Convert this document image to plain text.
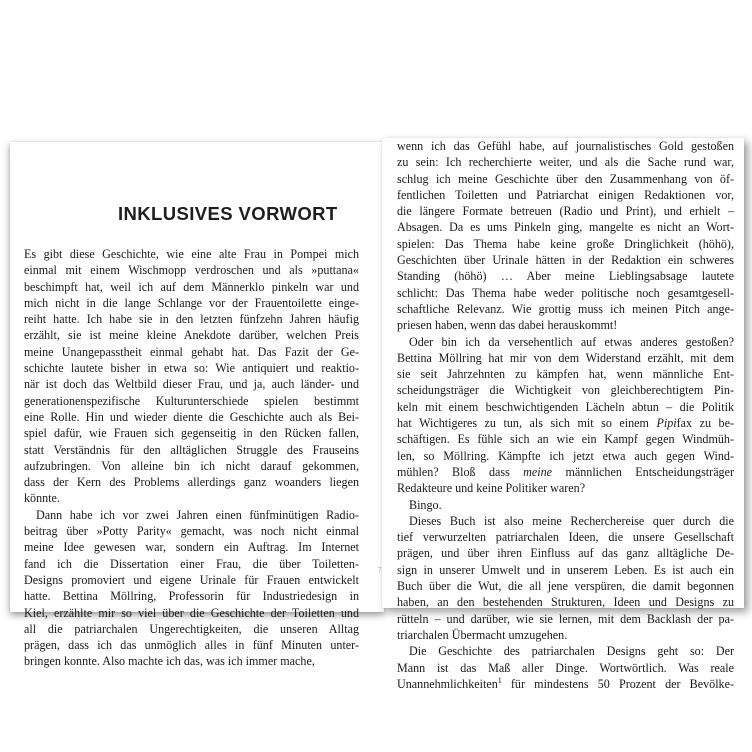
INKLUSIVES VORWORT
Es gibt diese Geschichte, wie eine alte Frau in Pompei mich
einmal mit einem Wischmopp verdroschen und als »puttana«
beschimpft hat, weil ich auf dem Männerklo pinkeln war und
mich nicht in die lange Schlange vor der Frauentoilette einge-
reiht hatte. Ich habe sie in den letzten fünfzehn Jahren häufig
erzählt, sie ist meine kleine Anekdote darüber, welchen Preis
meine Unangepasstheit einmal gehabt hat. Das Fazit der Ge-
schichte lautete bisher in etwa so: Wie antiquiert und reaktio-
när ist doch das Weltbild dieser Frau, und ja, auch länder- und
generationenspezifische Kulturunterschiede spielen bestimmt
eine Rolle. Hin und wieder diente die Geschichte auch als Bei-
spiel dafür, wie Frauen sich gegenseitig in den Rücken fallen,
statt Verständnis für den alltäglichen Struggle des Frauseins
aufzubringen. Von alleine bin ich nicht darauf gekommen,
dass der Kern des Problems allerdings ganz woanders liegen
könnte.
Dann habe ich vor zwei Jahren einen fünfminütigen Radio-
beitrag über »Potty Parity« gemacht, was noch nicht einmal
meine Idee gewesen war, sondern ein Auftrag. Im Internet
fand ich die Dissertation einer Frau, die über Toiletten-
Designs promoviert und eigene Urinale für Frauen entwickelt
hatte. Bettina Möllring, Professorin für Industriedesign in
Kiel, erzählte mir so viel über die Geschichte der Toiletten und
all die patriarchalen Ungerechtigkeiten, die unseren Alltag
prägen, dass ich das unmöglich alles in fünf Minuten unter-
bringen konnte. Also machte ich das, was ich immer mache,
wenn ich das Gefühl habe, auf journalistisches Gold gestoßen
zu sein: Ich recherchierte weiter, und als die Sache rund war,
schlug ich meine Geschichte über den Zusammenhang von öf-
fentlichen Toiletten und Patriarchat einigen Redaktionen vor,
die längere Formate betreuen (Radio und Print), und erhielt –
Absagen. Da es ums Pinkeln ging, mangelte es nicht an Wort-
spielen: Das Thema habe keine große Dringlichkeit (höhö),
Geschichten über Urinale hätten in der Redaktion ein schweres
Standing (höhö) … Aber meine Lieblingsabsage lautete
schlicht: Das Thema habe weder politische noch gesamtgesell-
schaftliche Relevanz. Wie grottig muss ich meinen Pitch ange-
priesen haben, wenn das dabei herauskommt!
Oder bin ich da versehentlich auf etwas anderes gestoßen?
Bettina Möllring hat mir von dem Widerstand erzählt, mit dem
sie seit Jahrzehnten zu kämpfen hat, wenn männliche Ent-
scheidungsträger die Wichtigkeit von gleichberechtigtem Pin-
keln mit einem beschwichtigenden Lächeln abtun – die Politik
hat Wichtigeres zu tun, als sich mit so einem Pipifax zu be-
schäftigen. Es fühle sich an wie ein Kampf gegen Windmüh-
len, so Möllring. Kämpfte ich jetzt etwa auch gegen Wind-
mühlen? Bloß dass meine männlichen Entscheidungsträger
Redakteure und keine Politiker waren?
Bingo.
Dieses Buch ist also meine Recherchereise quer durch die
tief verwurzelten patriarchalen Ideen, die unsere Gesellschaft
prägen, und über ihren Einfluss auf das ganz alltägliche De-
sign in unserer Umwelt und in unserem Leben. Es ist auch ein
Buch über die Wut, die all jene verspüren, die damit begonnen
haben, an den bestehenden Strukturen, Ideen und Designs zu
rütteln – und darüber, wie sie lernen, mit dem Backlash der pa-
triarchalen Übermacht umzugehen.
Die Geschichte des patriarchalen Designs geht so: Der
Mann ist das Maß aller Dinge. Wortwörtlich. Was reale
Unannehmlichkeiten$^1$ für mindestens 50 Prozent der Bevölke-
7
